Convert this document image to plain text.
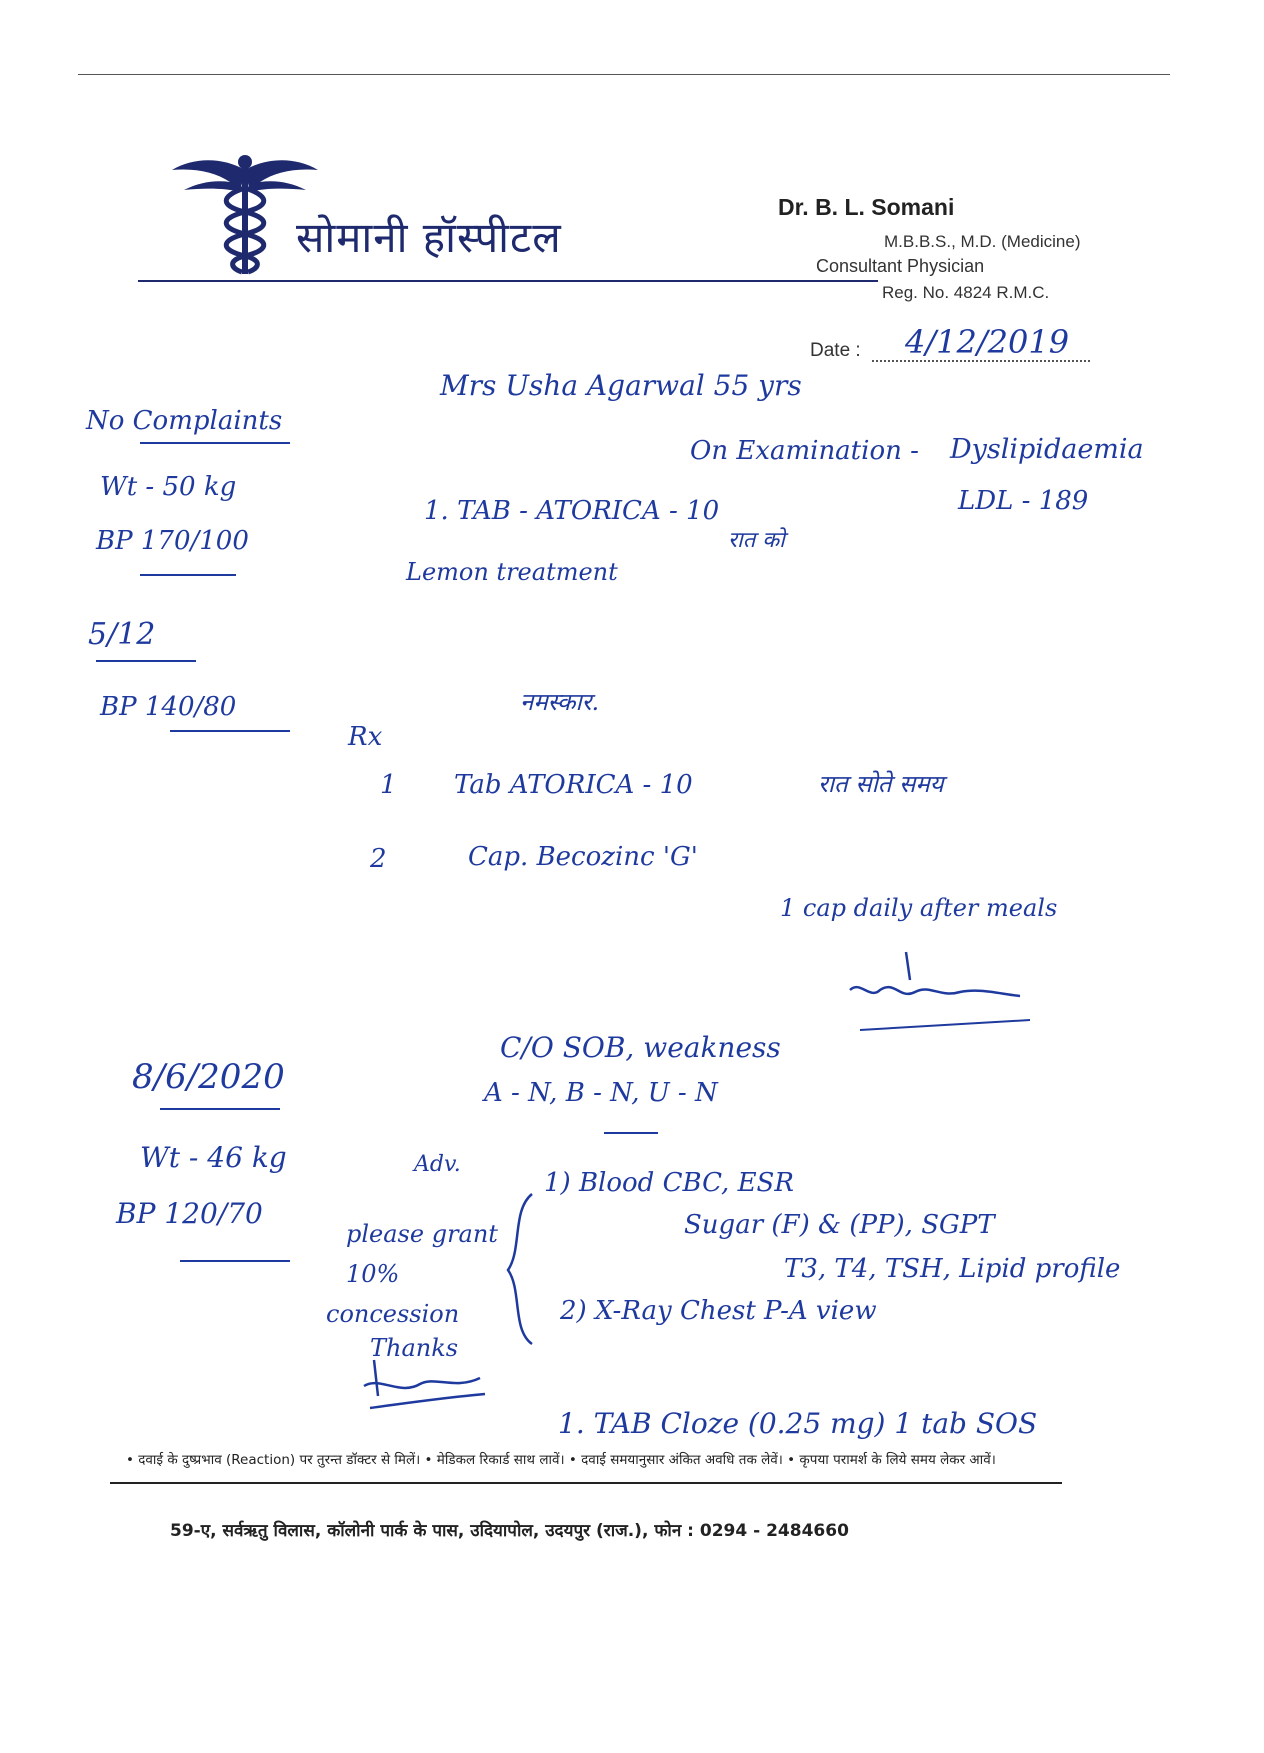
सोमानी हॉस्पीटल
Dr. B. L. Somani
M.B.B.S., M.D. (Medicine)
Consultant Physician
Reg. No. 4824 R.M.C.
Date : 4/12/2019
Mrs Usha Agarwal 55 yrs
No Complaints
Wt - 50 kg
BP 170/100
On Examination - Dyslipidaemia
LDL - 189
1. TAB - ATORICA - 10
रात को
Lemon treatment
5/12
BP 140/80	नमस्कार.
Rx
1 Tab ATORICA - 10	रात सोते समय
2	Cap. Becozinc 'G'
1 cap daily after meals
8/6/2020
Wt - 46 kg
BP 120/70
C/O SOB, weakness
A - N, B - N, U - N
Adv.
1) Blood CBC, ESR
Sugar (F) & (PP), SGPT
T3, T4, TSH, Lipid profile
2) X-Ray Chest P-A view
please grant
10%
concession
Thanks
1. TAB Cloze (0.25 mg) 1 tab SOS
• दवाई के दुष्प्रभाव (Reaction) पर तुरन्त डॉक्टर से मिलें। • मेडिकल रिकार्ड साथ लावें। • दवाई समयानुसार अंकित अवधि तक लेवें। • कृपया परामर्श के लिये समय लेकर आवें।
59-ए, सर्वऋतु विलास, कॉलोनी पार्क के पास, उदियापोल, उदयपुर (राज.), फोन : 0294 - 2484660
